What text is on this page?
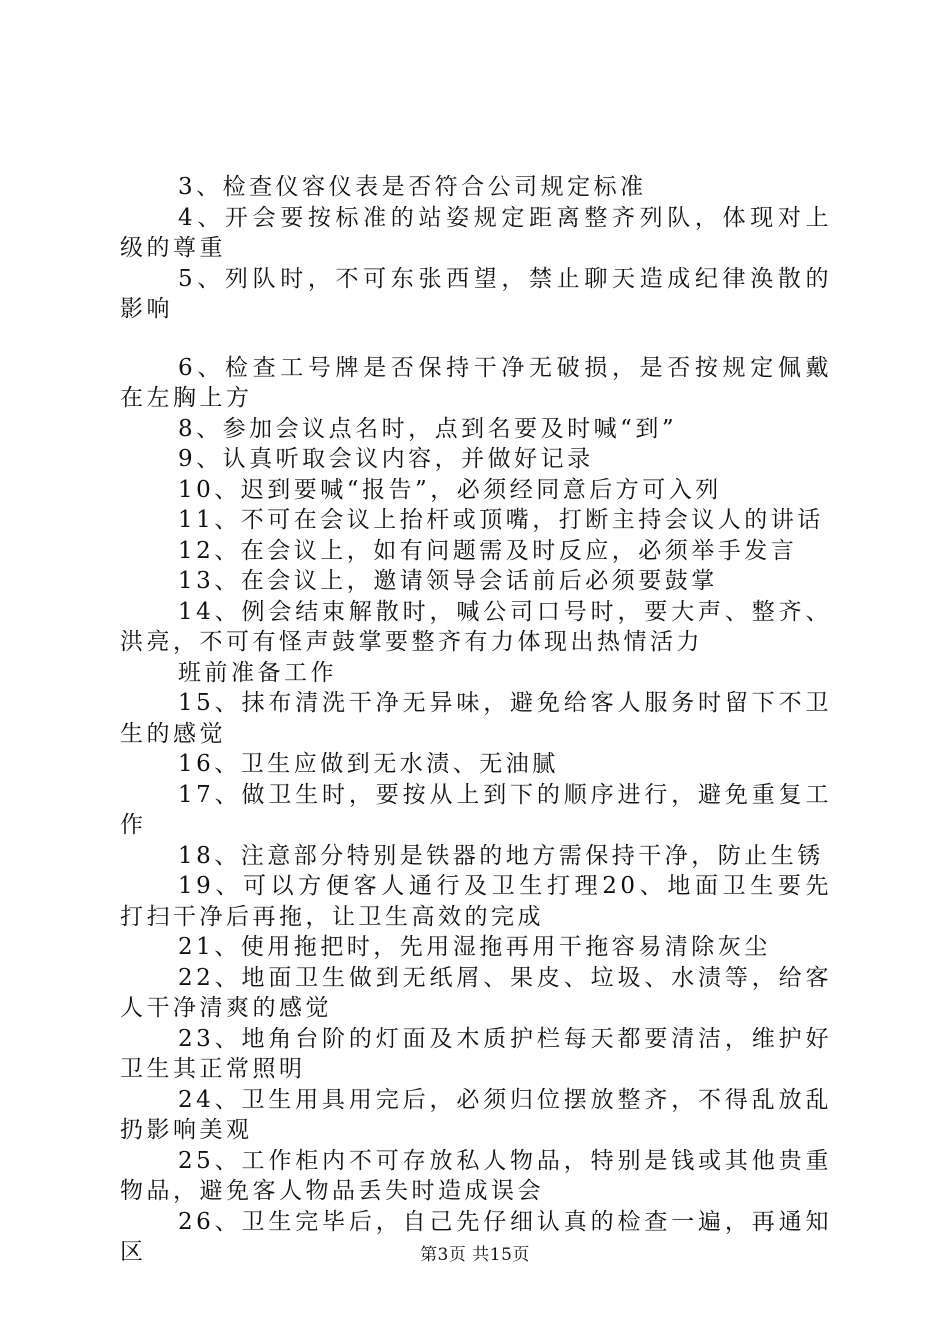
3、检查仪容仪表是否符合公司规定标准

4、开会要按标准的站姿规定距离整齐列队，体现对上级的尊重

5、列队时，不可东张西望，禁止聊天造成纪律涣散的影响

6、检查工号牌是否保持干净无破损，是否按规定佩戴在左胸上方

8、参加会议点名时，点到名要及时喊“到”

9、认真听取会议内容，并做好记录

10、迟到要喊“报告”，必须经同意后方可入列

11、不可在会议上抬杆或顶嘴，打断主持会议人的讲话

12、在会议上，如有问题需及时反应，必须举手发言

13、在会议上，邀请领导会话前后必须要鼓掌

14、例会结束解散时，喊公司口号时，要大声、整齐、洪亮，不可有怪声鼓掌要整齐有力体现出热情活力

班前准备工作

15、抹布清洗干净无异味，避免给客人服务时留下不卫生的感觉

16、卫生应做到无水渍、无油腻

17、做卫生时，要按从上到下的顺序进行，避免重复工作

18、注意部分特别是铁器的地方需保持干净，防止生锈

19、可以方便客人通行及卫生打理20、地面卫生要先打扫干净后再拖，让卫生高效的完成

21、使用拖把时，先用湿拖再用干拖容易清除灰尘

22、地面卫生做到无纸屑、果皮、垃圾、水渍等，给客人干净清爽的感觉

23、地角台阶的灯面及木质护栏每天都要清洁，维护好卫生其正常照明

24、卫生用具用完后，必须归位摆放整齐，不得乱放乱扔影响美观

25、工作柜内不可存放私人物品，特别是钱或其他贵重物品，避免客人物品丢失时造成误会

26、卫生完毕后，自己先仔细认真的检查一遍，再通知区	第3页 共15页
